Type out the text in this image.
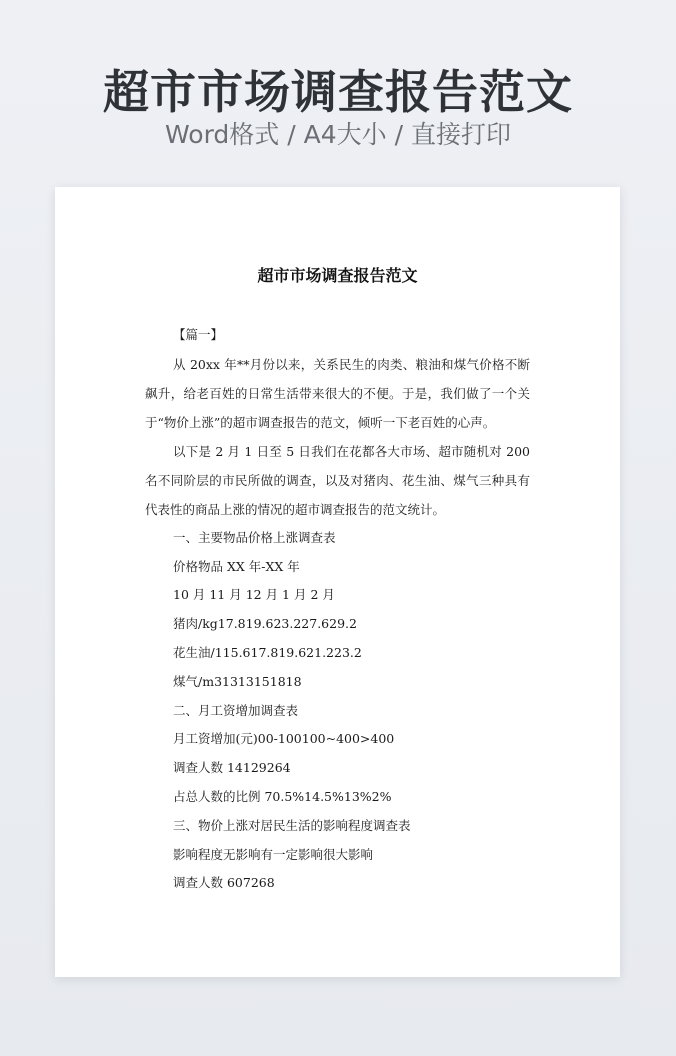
超市市场调查报告范文
Word格式 / A4大小 / 直接打印
超市市场调查报告范文
【篇一】

从 20xx 年**月份以来，关系民生的肉类、粮油和煤气价格不断飙升，给老百姓的日常生活带来很大的不便。于是，我们做了一个关于“物价上涨”的超市调查报告的范文，倾听一下老百姓的心声。

以下是 2 月 1 日至 5 日我们在花都各大市场、超市随机对 200 名不同阶层的市民所做的调查，以及对猪肉、花生油、煤气三种具有代表性的商品上涨的情况的超市调查报告的范文统计。

一、主要物品价格上涨调查表
价格物品 XX 年-XX 年
10 月 11 月 12 月 1 月 2 月
猪肉/kg17.819.623.227.629.2
花生油/115.617.819.621.223.2
煤气/m31313151818
二、月工资增加调查表
月工资增加(元)00-100100~400>400
调查人数 14129264
占总人数的比例 70.5%14.5%13%2%
三、物价上涨对居民生活的影响程度调查表
影响程度无影响有一定影响很大影响
调查人数 607268
